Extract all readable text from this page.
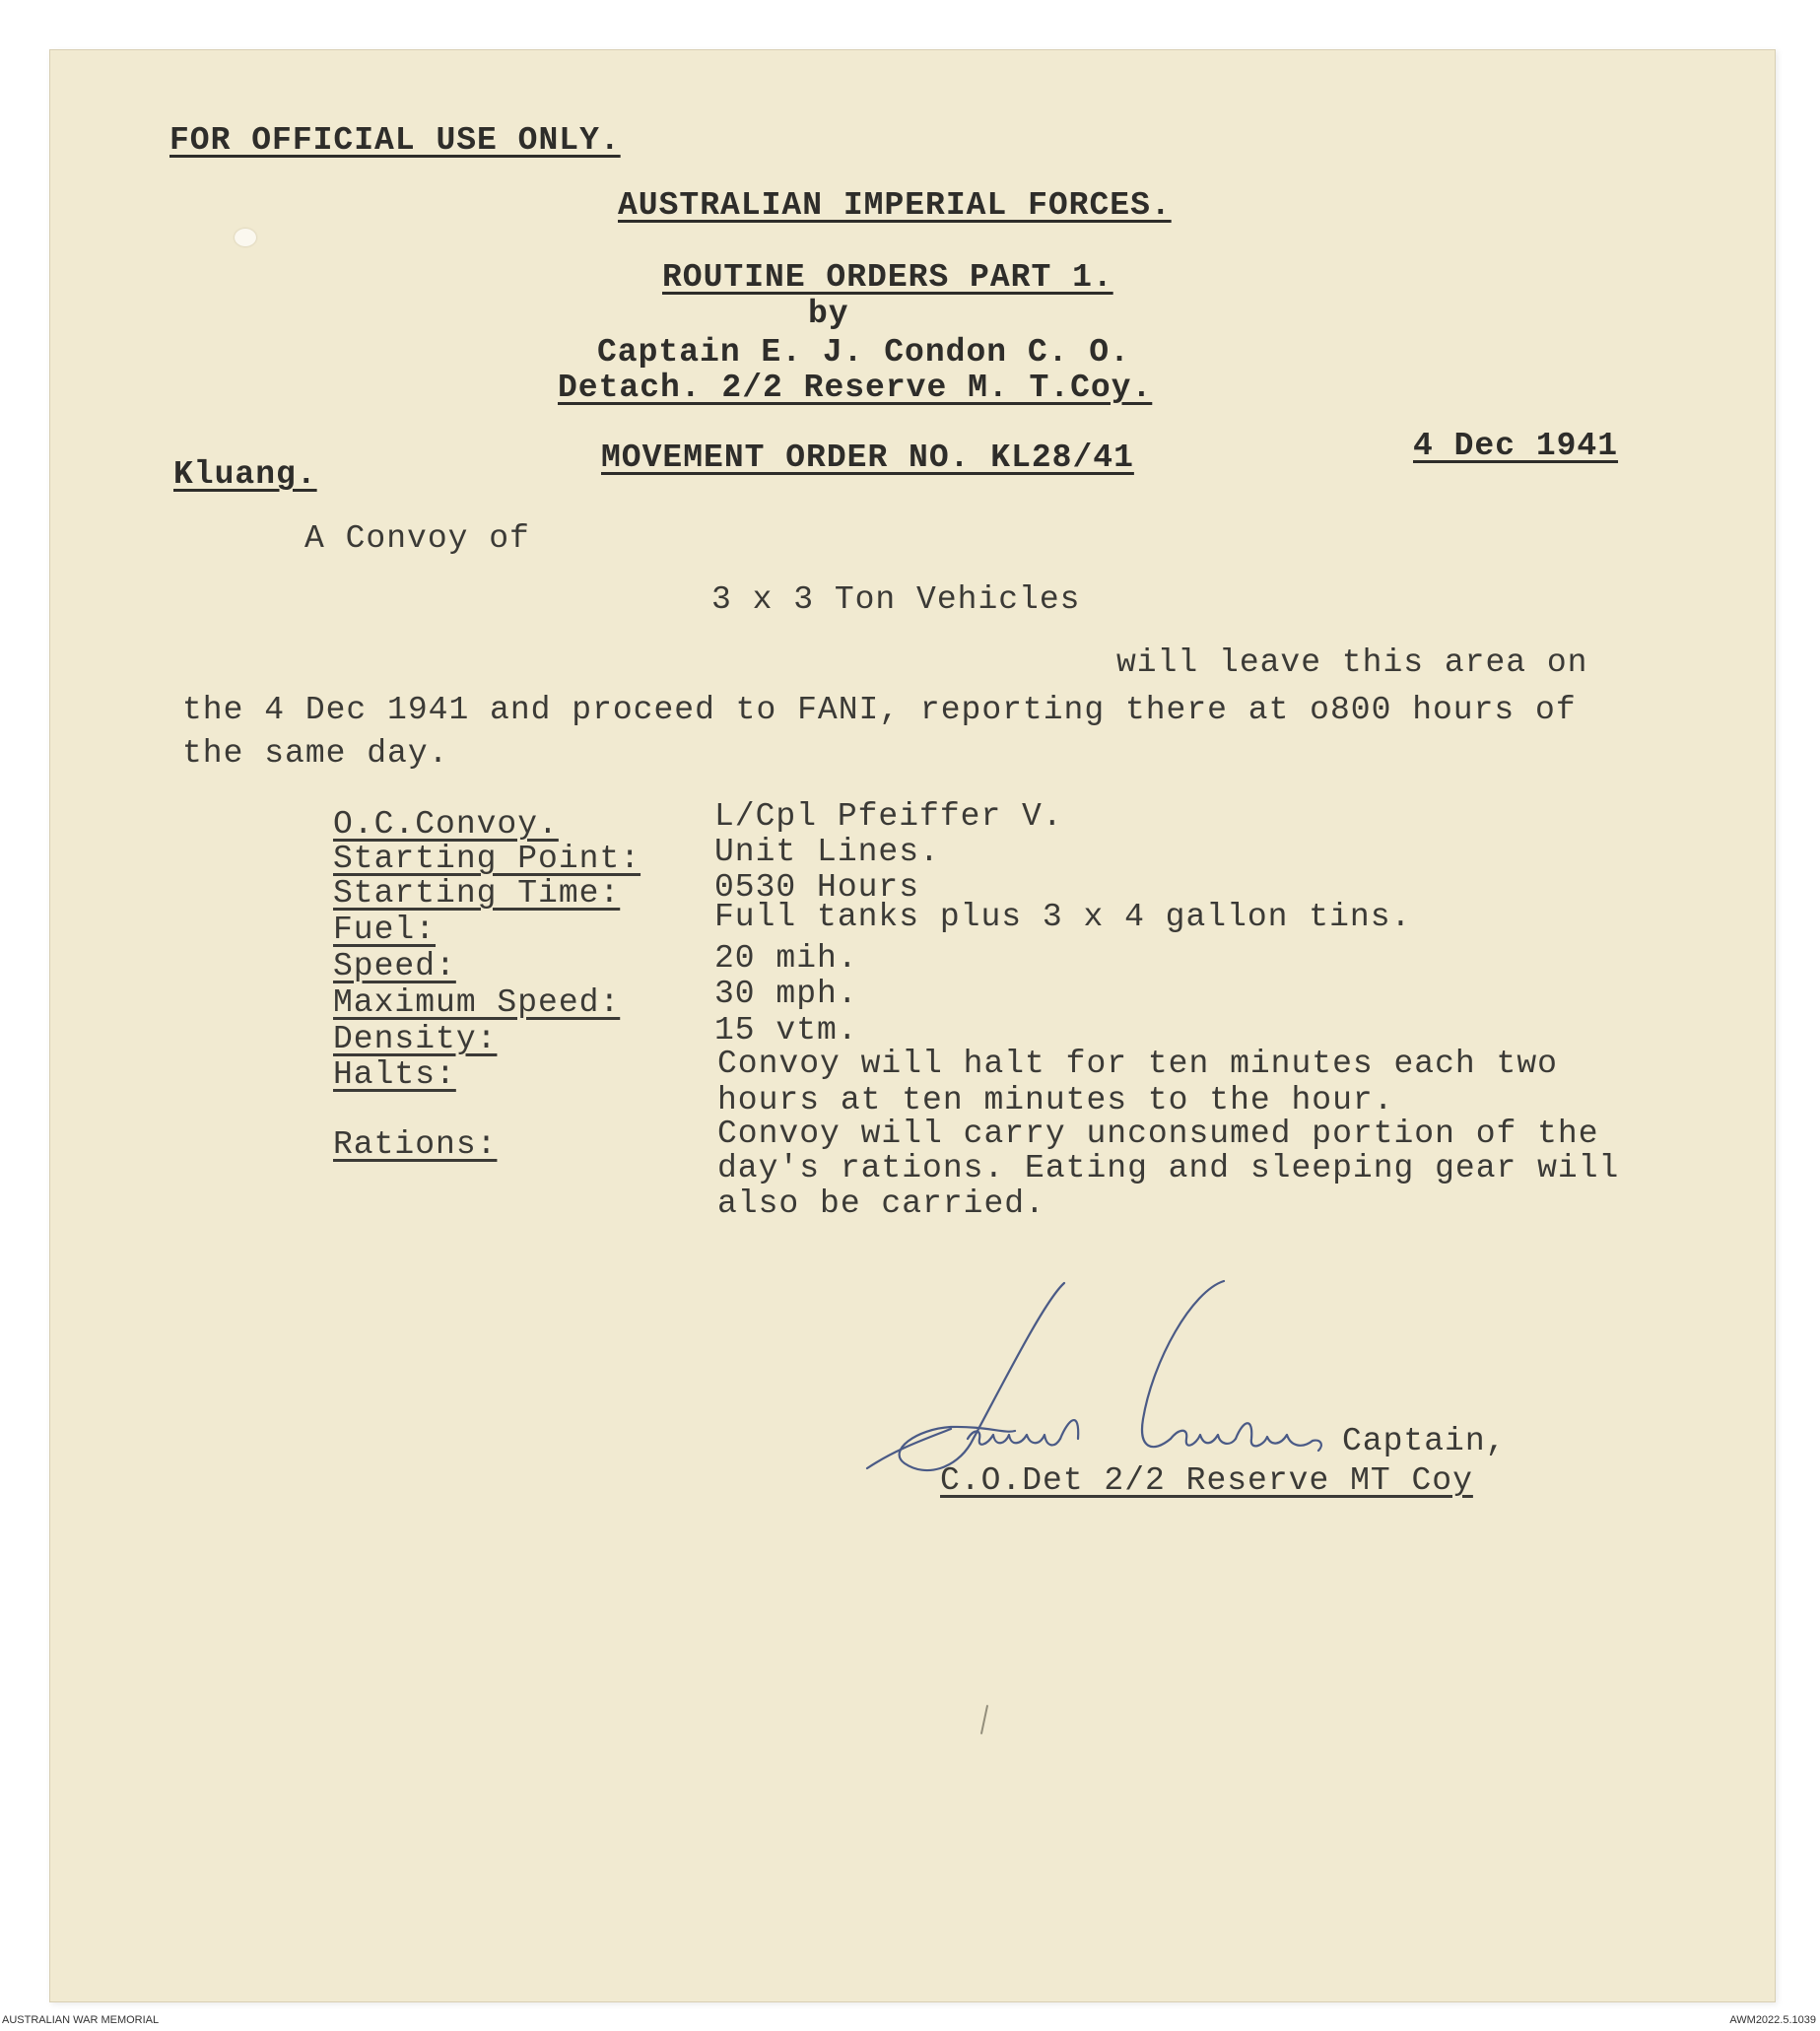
FOR OFFICIAL USE ONLY.
AUSTRALIAN IMPERIAL FORCES.
ROUTINE ORDERS PART 1.
by
Captain E. J. Condon C. O.
Detach. 2/2 Reserve M. T.Coy.
Kluang.	MOVEMENT ORDER NO. KL28/41	4 Dec 1941
A Convoy of
3 x 3 Ton Vehicles
will leave this area on
the 4 Dec 1941 and proceed to FANI, reporting there at o800 hours of
the same day.
O.C.Convoy.	L/Cpl Pfeiffer V.
Starting Point: Unit Lines.
Starting Time:	0530 Hours
Fuel:	Full tanks plus 3 x 4 gallon tins.
Speed:	20 mih.
Maximum Speed:	30 mph.
Density:	15 vtm.
Halts:	Convoy will halt for ten minutes each two
hours at ten minutes to the hour.
Rations:	Convoy will carry unconsumed portion of the
day's rations. Eating and sleeping gear will
also be carried.
Captain,
C.O.Det 2/2 Reserve MT Coy
AUSTRALIAN WAR MEMORIAL	AWM2022.5.1039
